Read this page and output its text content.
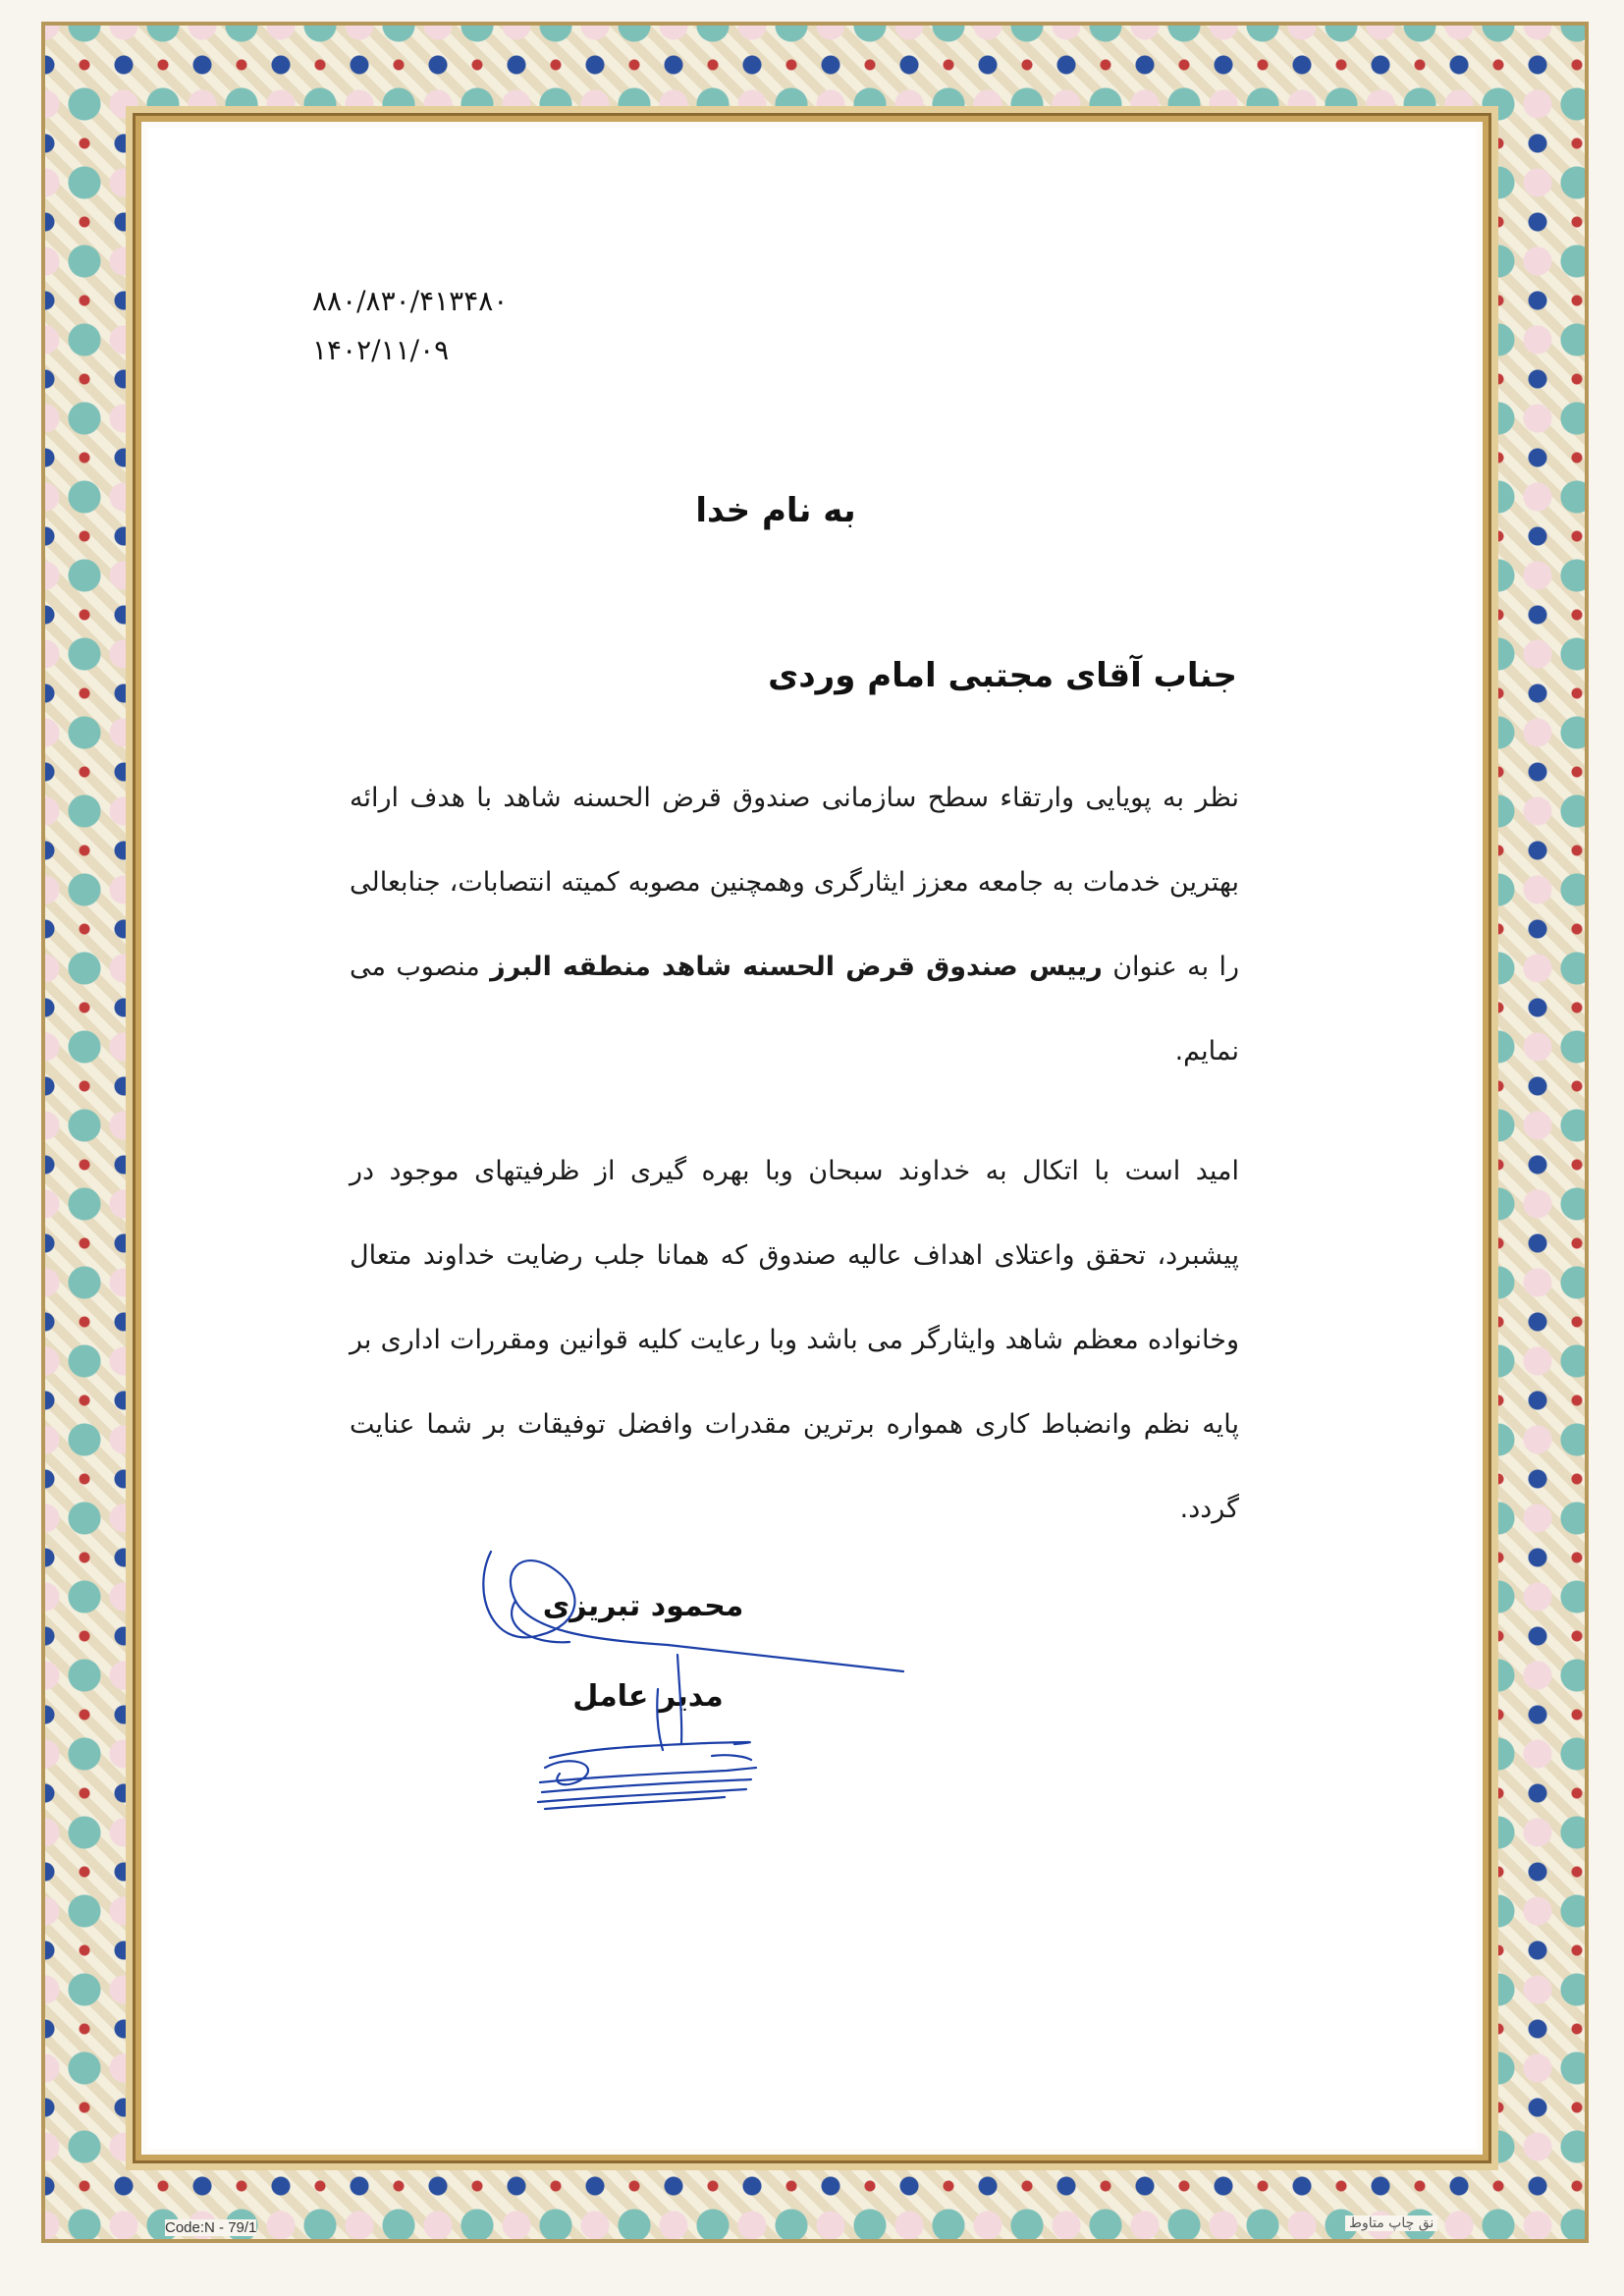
۸۸۰/۸۳۰/۴۱۳۴۸۰
۱۴۰۲/۱۱/۰۹
به نام خدا
جناب آقای مجتبی امام وردی
نظر به پویایی وارتقاء سطح سازمانی صندوق قرض الحسنه شاهد با هدف ارائه بهترین خدمات به جامعه معزز ایثارگری وهمچنین مصوبه کمیته انتصابات، جنابعالی را به عنوان رییس صندوق قرض الحسنه شاهد منطقه البرز منصوب می نمایم.
امید است با اتکال به خداوند سبحان وبا بهره گیری از ظرفیتهای موجود در پیشبرد، تحقق واعتلای اهداف عالیه صندوق که همانا جلب رضایت خداوند متعال وخانواده معظم شاهد وایثارگر می باشد وبا رعایت کلیه قوانین ومقررات اداری بر پایه نظم وانضباط کاری همواره برترین مقدرات وافضل توفیقات بر شما عنایت گردد.
محمود تبریزی
مدیر عامل
Code:N - 79/1	نق چاپ متاوط
